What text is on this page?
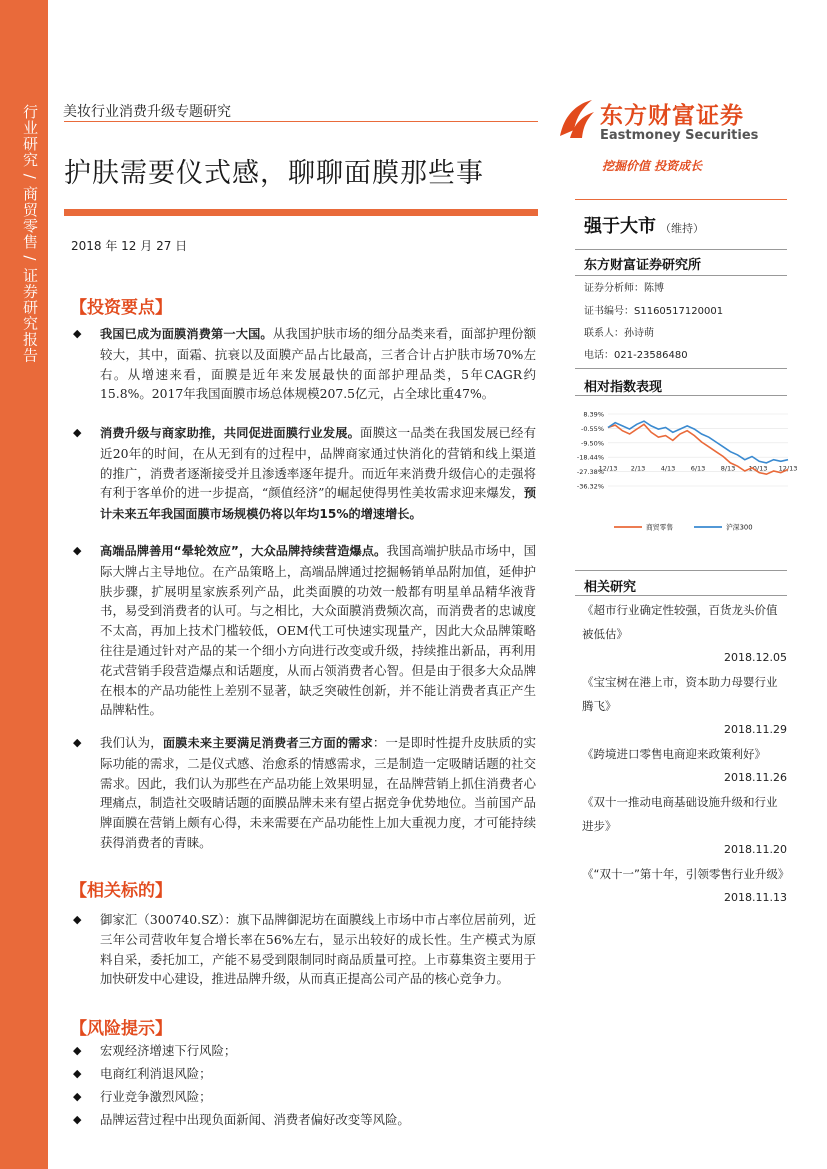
行业研究 / 商贸零售 / 证券研究报告 美妆行业消费升级专题研究
护肤需要仪式感，聊聊面膜那些事
2018 年 12 月 27 日
东方财富证券
Eastmoney Securities
挖掘价值 投资成长
强于大市 （维持）
东方财富证券研究所
证券分析师：陈博
证书编号：S1160517120001
联系人：孙诗萌
电话：021-23586480
相对指数表现
8.39%
-0.55%
-9.50%
-18.44%
-27.38%
-36.32%
12/13 2/13 4/13 6/13 8/13 10/13 12/13
商贸零售	沪深300
相关研究
《超市行业确定性较强，百货龙头价值被低估》
2018.12.05
《宝宝树在港上市，资本助力母婴行业腾飞》
2018.11.29
《跨境进口零售电商迎来政策利好》
2018.11.26
《双十一推动电商基础设施升级和行业进步》
2018.11.20
《“双十一”第十年，引领零售行业升级》
2018.11.13
【投资要点】
【相关标的】
【风险提示】
◆ 我国已成为面膜消费第一大国。从我国护肤市场的细分品类来看，面部护理份额较大，其中，面霜、抗衰以及面膜产品占比最高，三者合计占护肤市场70%左右。从增速来看，面膜是近年来发展最快的面部护理品类，5年CAGR约15.8%。2017年我国面膜市场总体规模207.5亿元，占全球比重47%。
◆ 消费升级与商家助推，共同促进面膜行业发展。面膜这一品类在我国发展已经有近20年的时间，在从无到有的过程中，品牌商家通过快消化的营销和线上渠道的推广，消费者逐渐接受并且渗透率逐年提升。而近年来消费升级信心的走强将有利于客单价的进一步提高，“颜值经济”的崛起使得男性美妆需求迎来爆发，预计未来五年我国面膜市场规模仍将以年均15%的增速增长。
◆ 高端品牌善用“晕轮效应”，大众品牌持续营造爆点。我国高端护肤品市场中，国际大牌占主导地位。在产品策略上，高端品牌通过挖掘畅销单品附加值，延伸护肤步骤，扩展明星家族系列产品，此类面膜的功效一般都有明星单品精华液背书，易受到消费者的认可。与之相比，大众面膜消费频次高，而消费者的忠诚度不太高，再加上技术门槛较低，OEM代工可快速实现量产，因此大众品牌策略往往是通过针对产品的某一个细小方向进行改变或升级，持续推出新品，再利用花式营销手段营造爆点和话题度，从而占领消费者心智。但是由于很多大众品牌在根本的产品功能性上差别不显著，缺乏突破性创新，并不能让消费者真正产生品牌粘性。
◆ 我们认为，面膜未来主要满足消费者三方面的需求：一是即时性提升皮肤质的实际功能的需求，二是仪式感、治愈系的情感需求，三是制造一定吸睛话题的社交需求。因此，我们认为那些在产品功能上效果明显，在品牌营销上抓住消费者心理痛点，制造社交吸睛话题的面膜品牌未来有望占据竞争优势地位。当前国产品牌面膜在营销上颇有心得，未来需要在产品功能性上加大重视力度，才可能持续获得消费者的青睐。
◆ 御家汇（300740.SZ）：旗下品牌御泥坊在面膜线上市场中市占率位居前列，近三年公司营收年复合增长率在56%左右，显示出较好的成长性。生产模式为原料自采，委托加工，产能不易受到限制同时商品质量可控。上市募集资主要用于加快研发中心建设，推进品牌升级，从而真正提高公司产品的核心竞争力。
◆ 宏观经济增速下行风险；
◆ 电商红利消退风险；
◆ 行业竞争激烈风险；
◆ 品牌运营过程中出现负面新闻、消费者偏好改变等风险。
